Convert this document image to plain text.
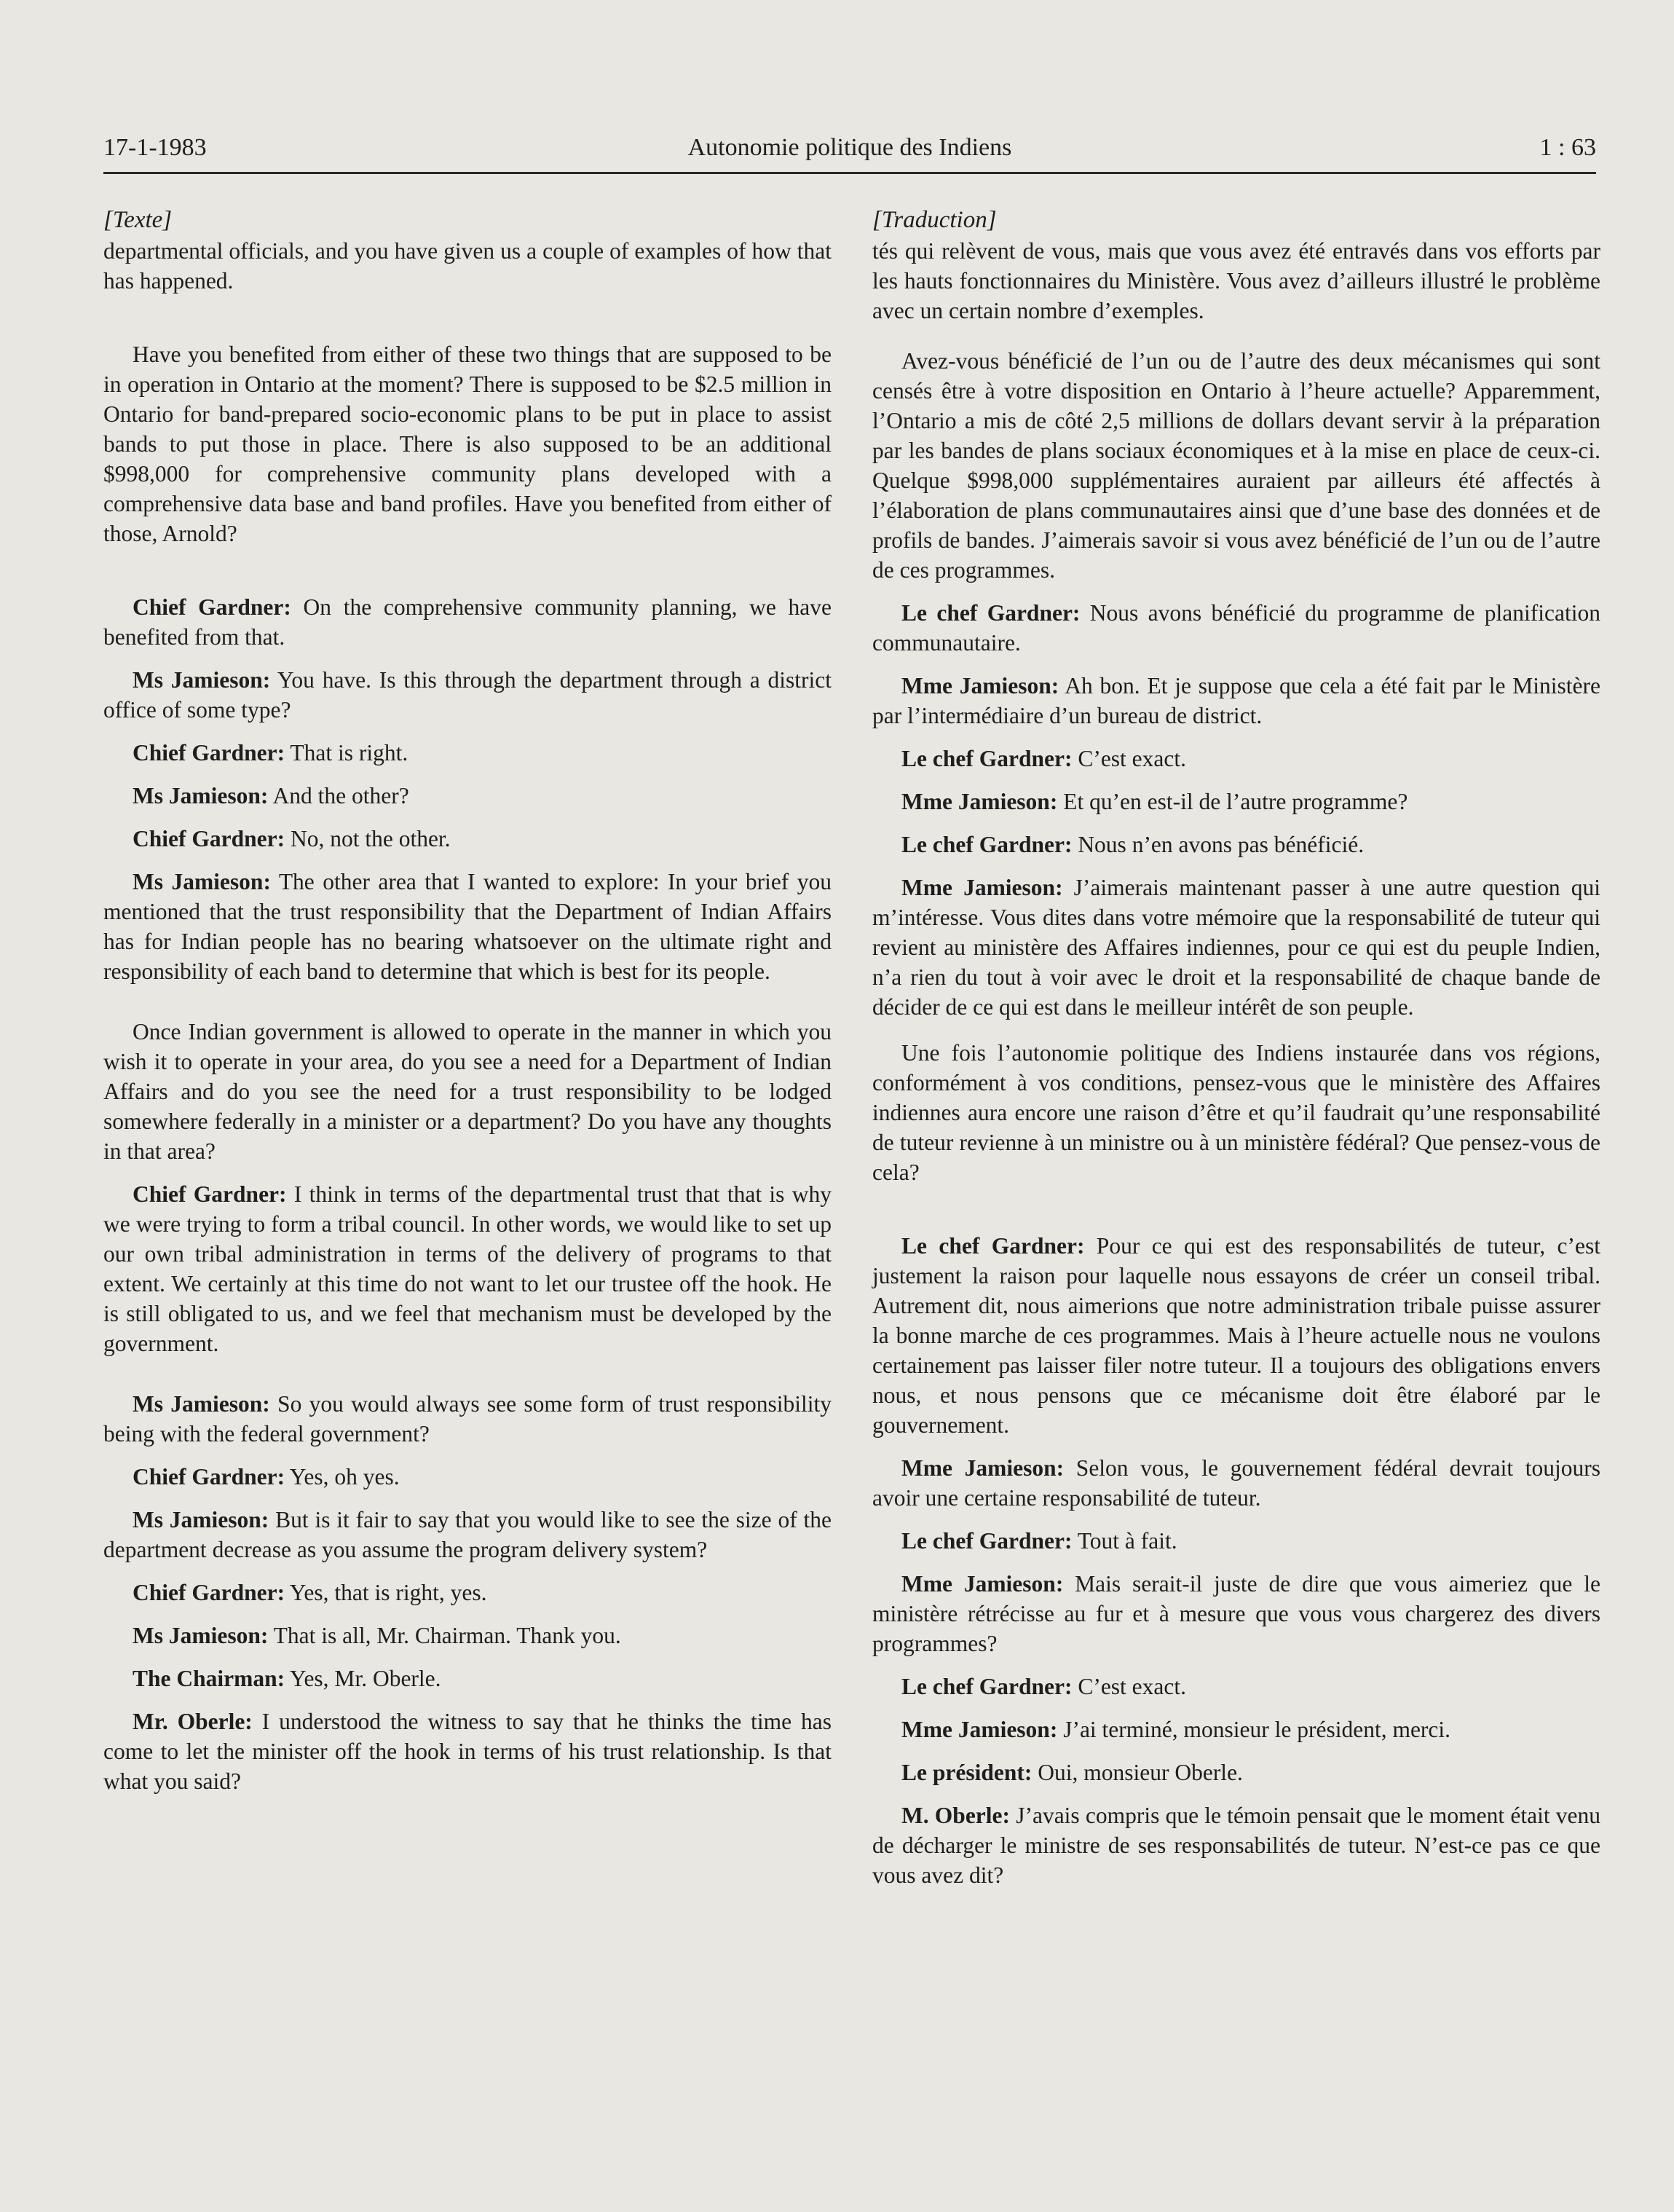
17-1-1983	Autonomie politique des Indiens	1 : 63

[Texte]

departmental officials, and you have given us a couple of examples of how that has happened.

Have you benefited from either of these two things that are supposed to be in operation in Ontario at the moment? There is supposed to be $2.5 million in Ontario for band-prepared socio-economic plans to be put in place to assist bands to put those in place. There is also supposed to be an additional $998,000 for comprehensive community plans developed with a comprehensive data base and band profiles. Have you benefited from either of those, Arnold?

Chief Gardner: On the comprehensive community planning, we have benefited from that.

Ms Jamieson: You have. Is this through the department through a district office of some type?

Chief Gardner: That is right.

Ms Jamieson: And the other?

Chief Gardner: No, not the other.

Ms Jamieson: The other area that I wanted to explore: In your brief you mentioned that the trust responsibility that the Department of Indian Affairs has for Indian people has no bearing whatsoever on the ultimate right and responsibility of each band to determine that which is best for its people.

Once Indian government is allowed to operate in the manner in which you wish it to operate in your area, do you see a need for a Department of Indian Affairs and do you see the need for a trust responsibility to be lodged somewhere federally in a minister or a department? Do you have any thoughts in that area?

Chief Gardner: I think in terms of the departmental trust that that is why we were trying to form a tribal council. In other words, we would like to set up our own tribal administration in terms of the delivery of programs to that extent. We certainly at this time do not want to let our trustee off the hook. He is still obligated to us, and we feel that mechanism must be developed by the government.

Ms Jamieson: So you would always see some form of trust responsibility being with the federal government?

Chief Gardner: Yes, oh yes.

Ms Jamieson: But is it fair to say that you would like to see the size of the department decrease as you assume the program delivery system?

Chief Gardner: Yes, that is right, yes.

Ms Jamieson: That is all, Mr. Chairman. Thank you.

The Chairman: Yes, Mr. Oberle.

Mr. Oberle: I understood the witness to say that he thinks the time has come to let the minister off the hook in terms of his trust relationship. Is that what you said?

[Traduction]

tés qui relèvent de vous, mais que vous avez été entravés dans vos efforts par les hauts fonctionnaires du Ministère. Vous avez d’ailleurs illustré le problème avec un certain nombre d’exemples.

Avez-vous bénéficié de l’un ou de l’autre des deux mécanismes qui sont censés être à votre disposition en Ontario à l’heure actuelle? Apparemment, l’Ontario a mis de côté 2,5 millions de dollars devant servir à la préparation par les bandes de plans sociaux économiques et à la mise en place de ceux-ci. Quelque $998,000 supplémentaires auraient par ailleurs été affectés à l’élaboration de plans communautaires ainsi que d’une base des données et de profils de bandes. J’aimerais savoir si vous avez bénéficié de l’un ou de l’autre de ces programmes.

Le chef Gardner: Nous avons bénéficié du programme de planification communautaire.

Mme Jamieson: Ah bon. Et je suppose que cela a été fait par le Ministère par l’intermédiaire d’un bureau de district.

Le chef Gardner: C’est exact.

Mme Jamieson: Et qu’en est-il de l’autre programme?

Le chef Gardner: Nous n’en avons pas bénéficié.

Mme Jamieson: J’aimerais maintenant passer à une autre question qui m’intéresse. Vous dites dans votre mémoire que la responsabilité de tuteur qui revient au ministère des Affaires indiennes, pour ce qui est du peuple Indien, n’a rien du tout à voir avec le droit et la responsabilité de chaque bande de décider de ce qui est dans le meilleur intérêt de son peuple.

Une fois l’autonomie politique des Indiens instaurée dans vos régions, conformément à vos conditions, pensez-vous que le ministère des Affaires indiennes aura encore une raison d’être et qu’il faudrait qu’une responsabilité de tuteur revienne à un ministre ou à un ministère fédéral? Que pensez-vous de cela?

Le chef Gardner: Pour ce qui est des responsabilités de tuteur, c’est justement la raison pour laquelle nous essayons de créer un conseil tribal. Autrement dit, nous aimerions que notre administration tribale puisse assurer la bonne marche de ces programmes. Mais à l’heure actuelle nous ne voulons certainement pas laisser filer notre tuteur. Il a toujours des obligations envers nous, et nous pensons que ce mécanisme doit être élaboré par le gouvernement.

Mme Jamieson: Selon vous, le gouvernement fédéral devrait toujours avoir une certaine responsabilité de tuteur.

Le chef Gardner: Tout à fait.

Mme Jamieson: Mais serait-il juste de dire que vous aimeriez que le ministère rétrécisse au fur et à mesure que vous vous chargerez des divers programmes?

Le chef Gardner: C’est exact.

Mme Jamieson: J’ai terminé, monsieur le président, merci.

Le président: Oui, monsieur Oberle.

M. Oberle: J’avais compris que le témoin pensait que le moment était venu de décharger le ministre de ses responsabilités de tuteur. N’est-ce pas ce que vous avez dit?
